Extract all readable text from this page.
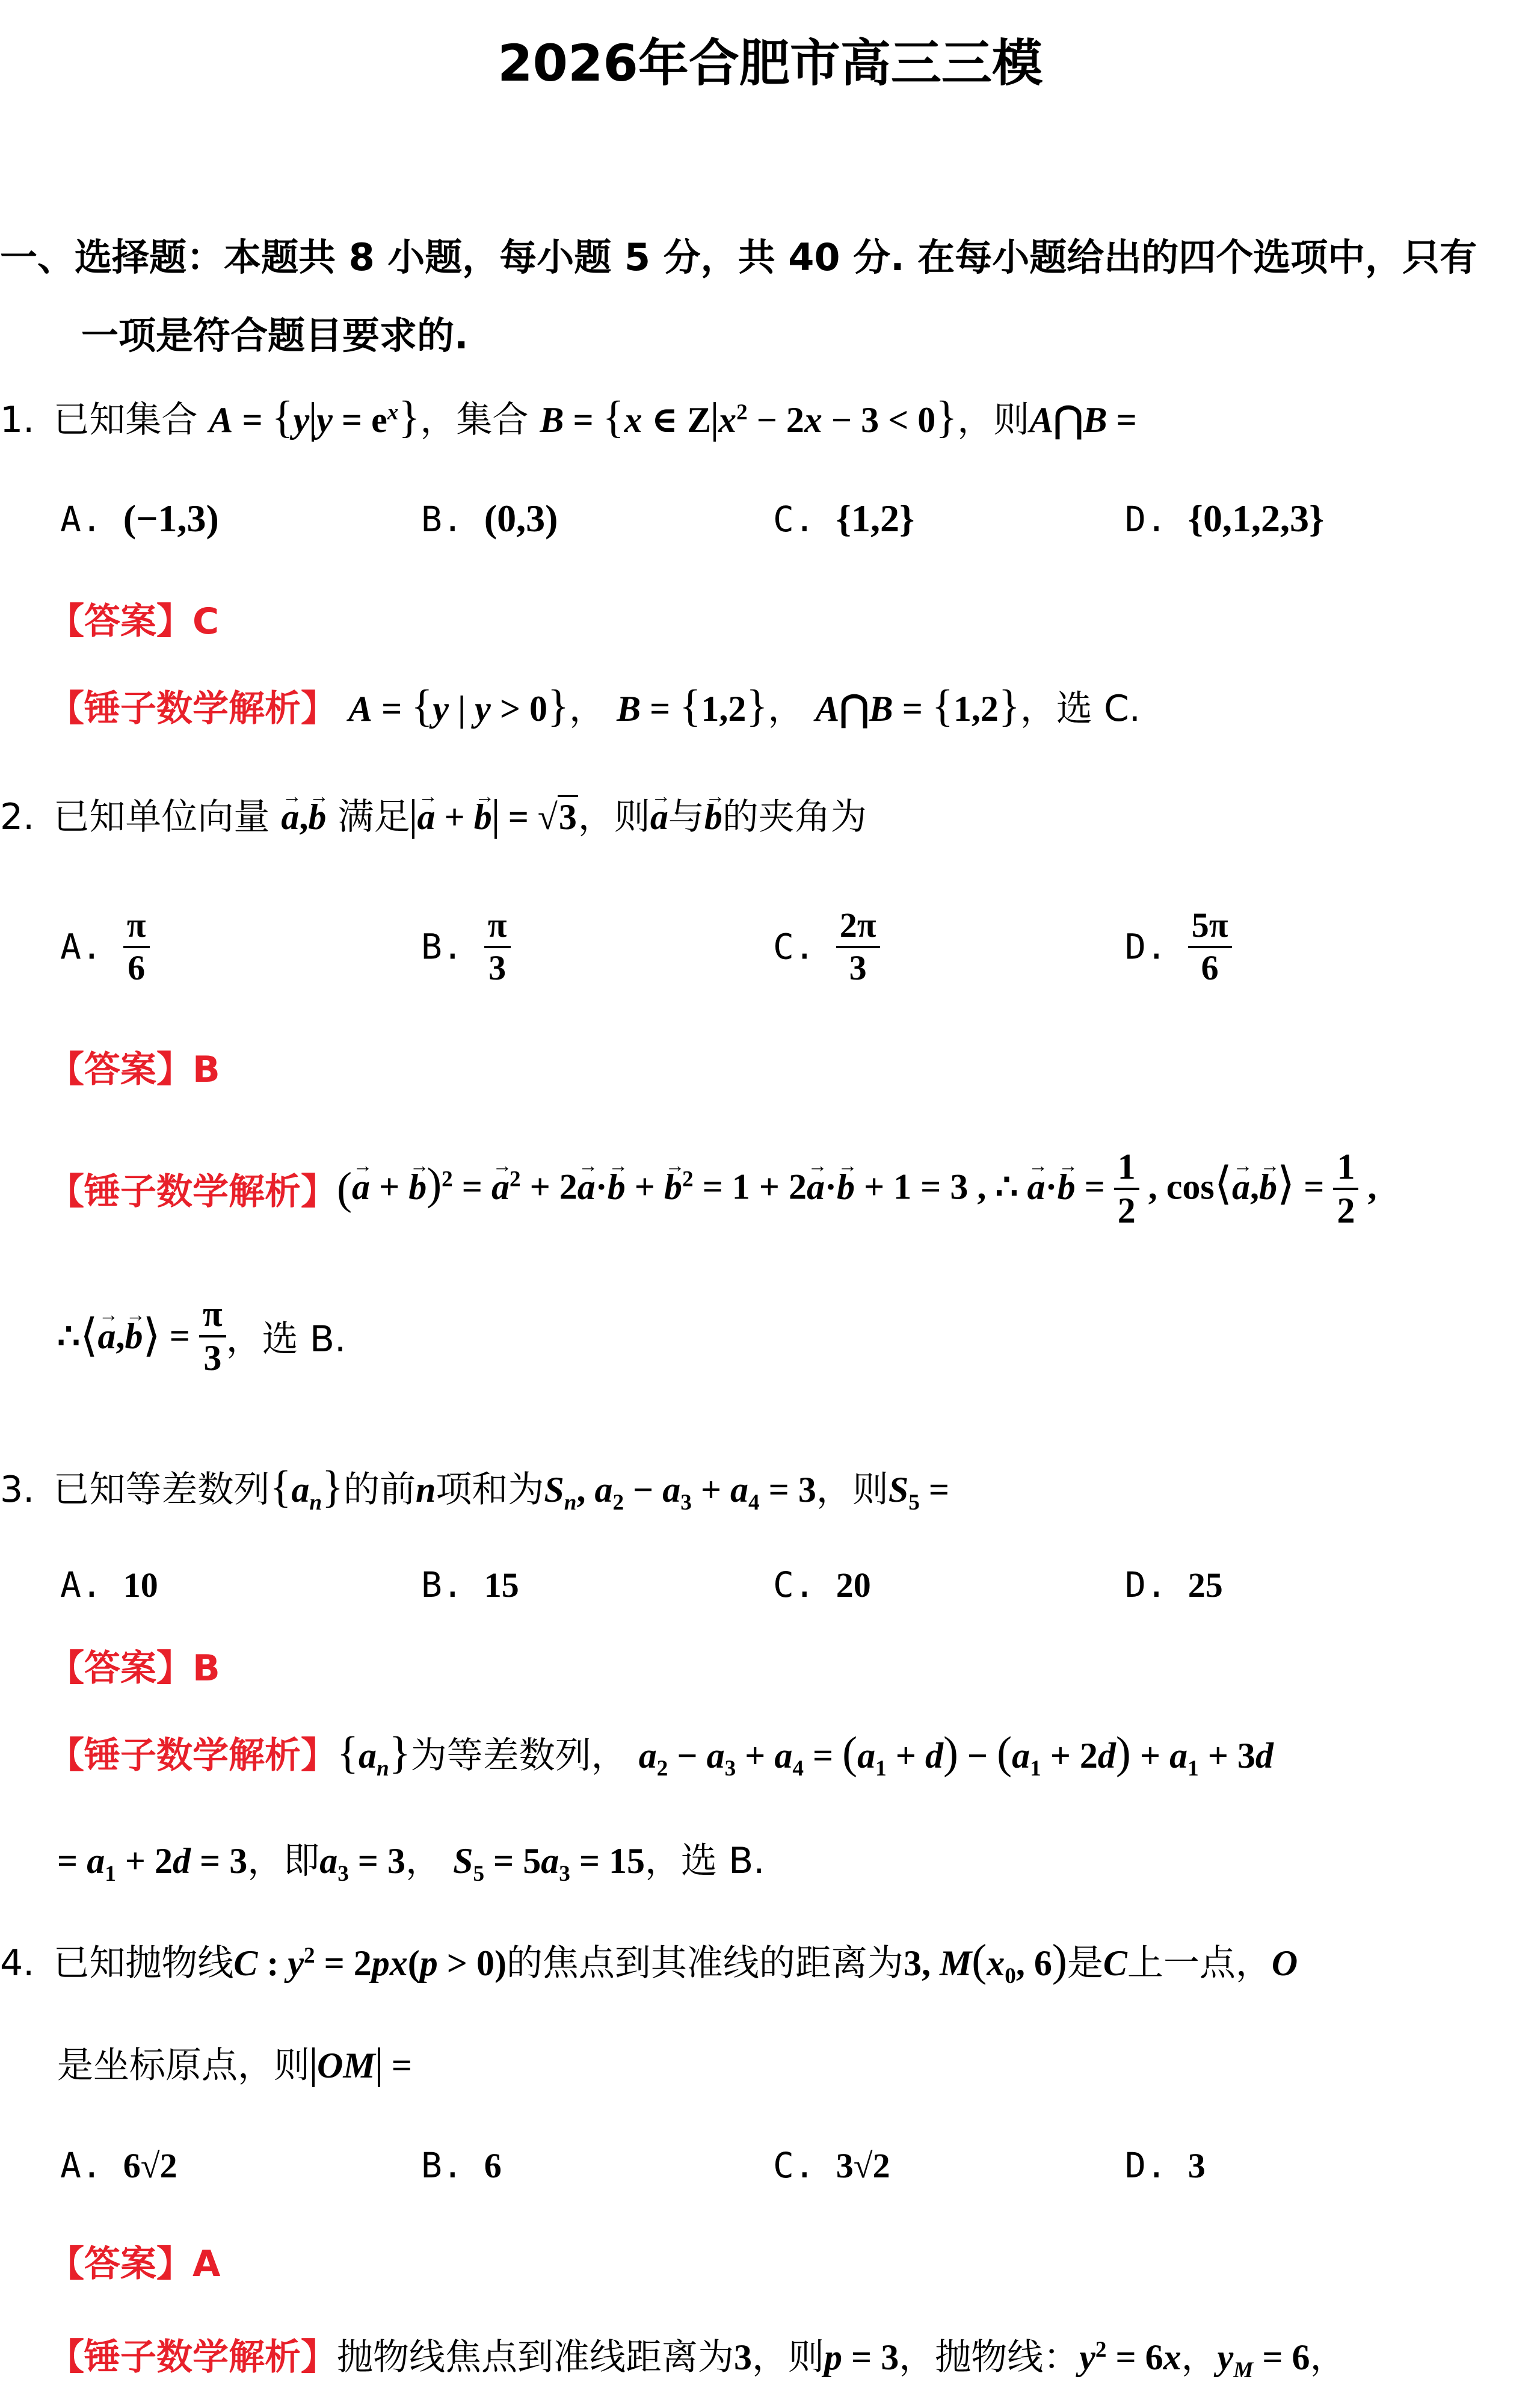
2026年合肥市高三三模
一、选择题：本题共 8 小题，每小题 5 分，共 40 分. 在每小题给出的四个选项中，只有
一项是符合题目要求的.
1. 已知集合 A = {y $y = e^x$}，集合 B = {x ∈ Z $x^2 - 2x - 3 < 0$}，则A⋂B =
A. (−1,3)	B. (0,3)	C. {1,2}	D. {0,1,2,3}
【答案】C
【锤子数学解析】 A = {y | y > 0}， B = {1,2}， A⋂B = {1,2}，选 C.
2. 已知单位向量 → a,→ b 满足 → a + → b = √3，则→ a与→ b的夹角为
A. $\frac{\pi}{6}$	B. $\frac{\pi}{3}$	C. $\frac{2\pi}{3}$	D. $\frac{5\pi}{6}$
【答案】B
【锤子数学解析】(→ a + → b)$^2$ = → $a^2 + 2\to a\cdot\to b$ + → $b^2 = 1 + 2\to a\cdot\to b + 1 = 3$ , ∴ → $a\cdot\to b = \frac{1}{2}$ , cos⟨→ a,→ b⟩ = $\frac{1}{2}$ ,
∴⟨→ a,→ b⟩ = $\frac{\pi}{3}$ ，选 B.
3. 已知等差数列$\{a_n\}$的前n项和为$S_n$, $a_2 - a_3 + a_4 = 3$，则$S_5$ =
A. 10	B. 15	C. 20	D. 25
【答案】B
【锤子数学解析】$\{a_n\}$为等差数列， $a_2 - a_3 + a_4 = (a_1 + d) - (a_1 + 2d) + a_1 + 3d$
= $a_1 + 2d = 3$，即$a_3 = 3$， $S_5 = 5a_3 = 15$，选 B.
4. 已知抛物线C : $y^2 = 2px(p > 0)$的焦点到其准线的距离为3, $M(x_0$, 6)是C上一点，O
是坐标原点，则 OM =
A. 6√2	B. 6	C. 3√2	D. 3
【答案】A
【锤子数学解析】抛物线焦点到准线距离为3，则p = 3，抛物线：$y^2 = 6x$，$y_M = 6$，
